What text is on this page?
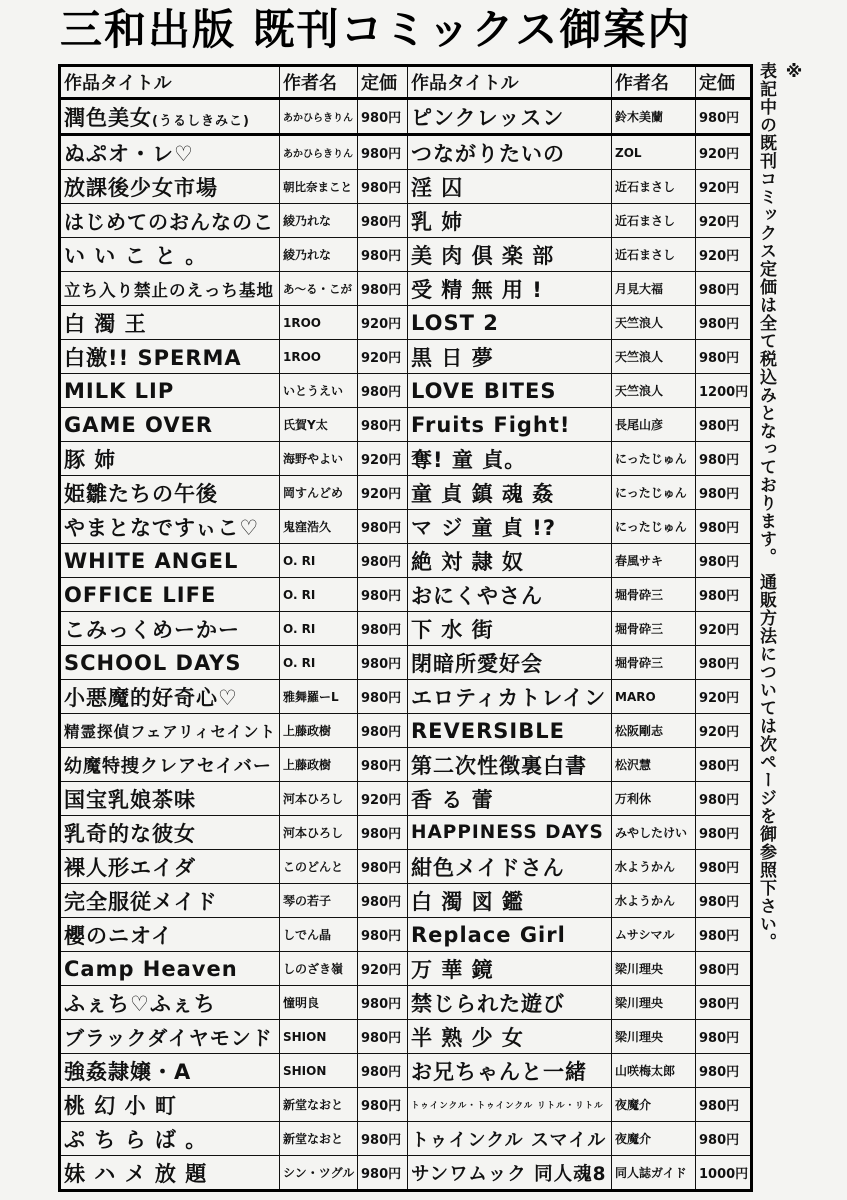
三和出版 既刊コミックス御案内
作品タイトル	作者名	定価	作品タイトル	作者名	定価
潤色美女(うるしきみこ)	あかひらきりん	980円	ピンクレッスン	鈴木美蘭	980円
ぬぷオ・レ♡	あかひらきりん	980円	つながりたいの	ZOL	920円
放課後少女市場	朝比奈まこと	980円	淫 囚	近石まさし	920円
はじめてのおんなのこ	綾乃れな	980円	乳 姉	近石まさし	920円
い い こ と 。	綾乃れな	980円	美 肉 倶 楽 部	近石まさし	920円
立ち入り禁止のえっち基地	あ〜る・こが	980円	受 精 無 用 !	月見大福	980円
白 濁 王	1ROO	920円	LOST 2	天竺浪人	980円
白激!! SPERMA	1ROO	920円	黒 日 夢	天竺浪人	980円
MILK LIP	いとうえい	980円	LOVE BITES	天竺浪人	1200円
GAME OVER	氏賀Y太	980円	Fruits Fight!	長尾山彦	980円
豚 姉	海野やよい	920円	奪! 童 貞。	にったじゅん	980円
姫雛たちの午後	岡すんどめ	920円	童 貞 鎮 魂 姦	にったじゅん	980円
やまとなですぃこ♡	鬼窪浩久	980円	マ ジ 童 貞 !?	にったじゅん	980円
WHITE ANGEL	O. RI	980円	絶 対 隷 奴	春風サキ	980円
OFFICE LIFE	O. RI	980円	おにくやさん	堀骨砕三	980円
こみっくめーかー	O. RI	980円	下 水 街	堀骨砕三	920円
SCHOOL DAYS	O. RI	980円	閉暗所愛好会	堀骨砕三	980円
小悪魔的好奇心♡	雅舞羅ーL	980円	エロティカトレイン	MARO	920円
精霊探偵フェアリィセイント	上藤政樹	980円	REVERSIBLE	松阪剛志	920円
幼魔特捜クレアセイバー	上藤政樹	980円	第二次性徴裏白書	松沢慧	980円
国宝乳娘茶味	河本ひろし	920円	香 る 蕾	万利休	980円
乳奇的な彼女	河本ひろし	980円	HAPPINESS DAYS	みやしたけい	980円
裸人形エイダ	このどんと	980円	紺色メイドさん	水ようかん	980円
完全服従メイド	琴の若子	980円	白 濁 図 鑑	水ようかん	980円
櫻のニオイ	しでん晶	980円	Replace Girl	ムサシマル	980円
Camp Heaven	しのざき嶺	920円	万 華 鏡	梁川理央	980円
ふぇち♡ふぇち	憧明良	980円	禁じられた遊び	梁川理央	980円
ブラックダイヤモンド	SHION	980円	半 熟 少 女	梁川理央	980円
強姦隷嬢・A	SHION	980円	お兄ちゃんと一緒	山咲梅太郎	980円
桃 幻 小 町	新堂なおと	980円	トゥインクル・トゥインクル リトル・リトル	夜魔介	980円
ぷ ち ら ば 。	新堂なおと	980円	トゥインクル スマイル	夜魔介	980円
妹 ハ メ 放 題	シン・ツグル	980円	サンワムック 同人魂8	同人誌ガイド	1000円
※
表記中の既刊コミックス定価は全て税込みとなっております。 通販方法については次ページを御参照下さい。
